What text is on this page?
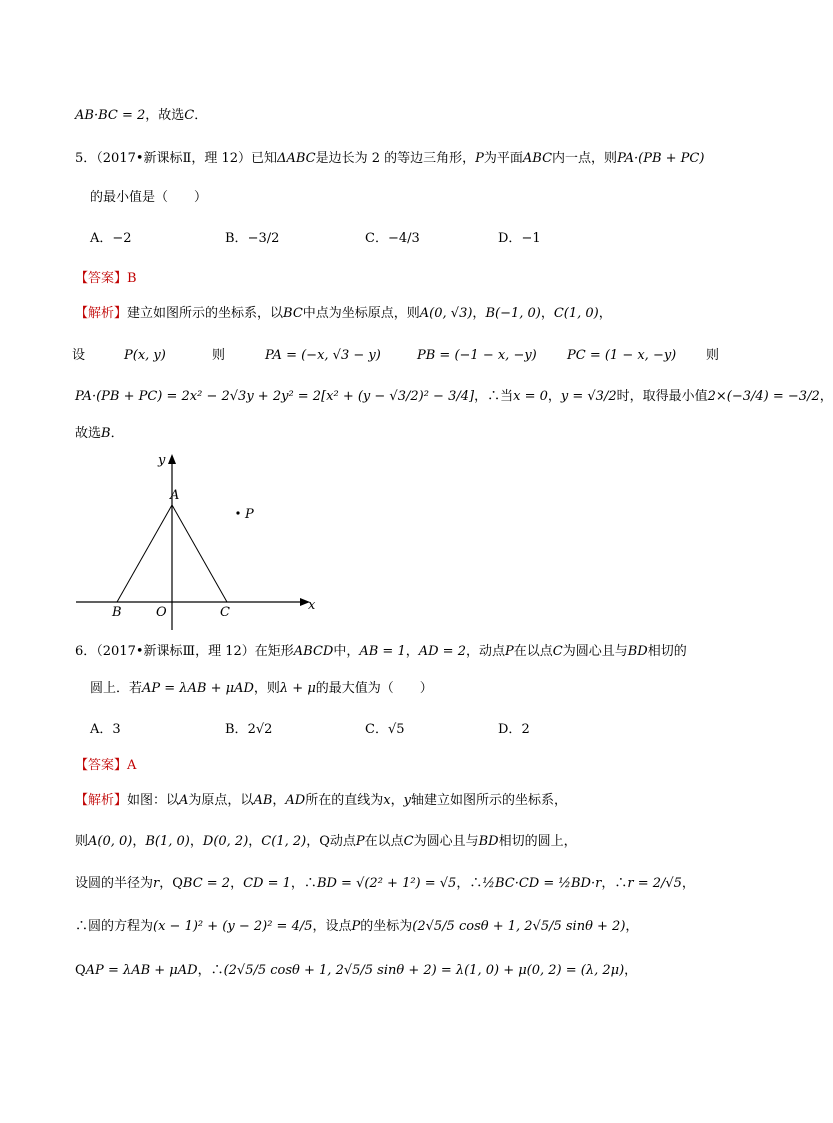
AB·BC = 2，故选C．
5．（2017•新课标Ⅱ，理 12）已知ΔABC是边长为 2 的等边三角形，P为平面ABC内一点，则PA·(PB + PC)
的最小值是（　　）
A．−2	B．−3/2	C．−4/3	D．−1
【答案】B
【解析】建立如图所示的坐标系，以BC中点为坐标原点，则A(0, √3)，B(−1, 0)，C(1, 0)，
设	P(x, y)	则	PA = (−x, √3 − y)	PB = (−1 − x, −y) PC = (1 − x, −y) 则
PA·(PB + PC) = 2x² − 2√3y + 2y² = 2[x² + (y − √3/2)² − 3/4]，∴当x = 0，y = √3/2时，取得最小值2×(−3/4) = −3/2，
故选B．
y
x
A
B	O	C
P
6．（2017•新课标Ⅲ，理 12）在矩形ABCD中，AB = 1，AD = 2，动点P在以点C为圆心且与BD相切的
圆上．若AP = λAB + μAD，则λ + μ的最大值为（　　）
A．3	B．2√2	C．√5	D．2
【答案】A
【解析】如图：以A为原点，以AB，AD所在的直线为x，y轴建立如图所示的坐标系，
则A(0, 0)，B(1, 0)，D(0, 2)，C(1, 2)，Q动点P在以点C为圆心且与BD相切的圆上，
设圆的半径为r，QBC = 2，CD = 1，∴BD = √(2² + 1²) = √5，∴½BC·CD = ½BD·r，∴r = 2/√5，
∴圆的方程为(x − 1)² + (y − 2)² = 4/5，设点P的坐标为(2√5/5 cosθ + 1, 2√5/5 sinθ + 2)，
QAP = λAB + μAD，∴(2√5/5 cosθ + 1, 2√5/5 sinθ + 2) = λ(1, 0) + μ(0, 2) = (λ, 2μ)，
